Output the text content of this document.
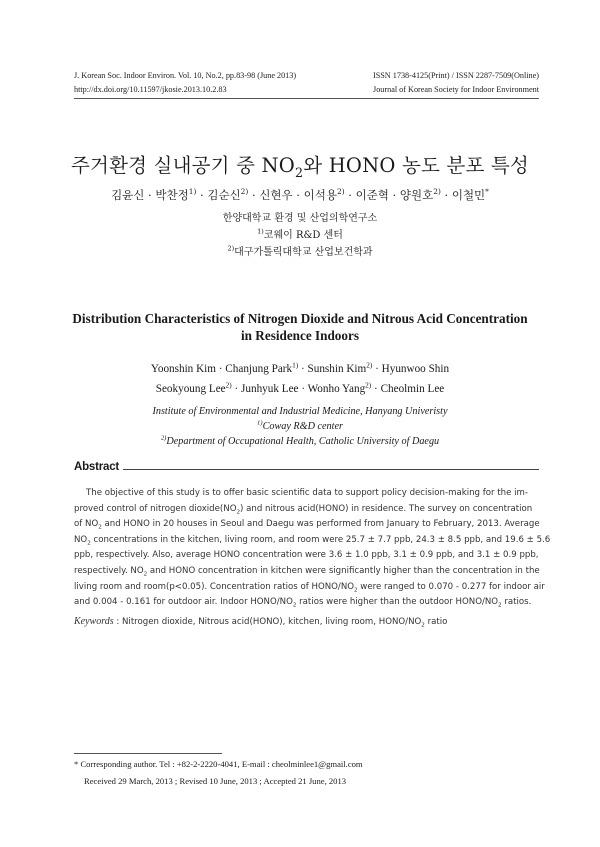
J. Korean Soc. Indoor Environ. Vol. 10, No.2, pp.83-98 (June 2013)	ISSN 1738-4125(Print) / ISSN 2287-7509(Online)
http://dx.doi.org/10.11597/jkosie.2013.10.2.83	Journal of Korean Society for Indoor Environment
주거환경 실내공기 중 $NO_2$와 HONO 농도 분포 특성
김윤신 · 박찬정$^{1)}$ · 김순신$^{2)}$ · 신현우 · 이석용$^{2)}$ · 이준혁 · 양원호$^{2)}$ · 이철민*
한양대학교 환경 및 산업의학연구소
$^{1)}$코웨이 R&D 센터
$^{2)}$대구가톨릭대학교 산업보건학과
Distribution Characteristics of Nitrogen Dioxide and Nitrous Acid Concentration
in Residence Indoors
Yoonshin Kim · Chanjung Park$^{1)}$ · Sunshin Kim$^{2)}$ · Hyunwoo Shin
Seokyoung Lee$^{2)}$ · Junhyuk Lee · Wonho Yang$^{2)}$ · Cheolmin Lee
Institute of Environmental and Industrial Medicine, Hanyang Univeristy
$^{1)}$Coway R&D center
$^{2)}$Department of Occupational Health, Catholic University of Daegu
Abstract
The objective of this study is to offer basic scientific data to support policy decision-making for the im-
proved control of nitrogen $dioxide(NO_2)$ and nitrous acid(HONO) in residence. The survey on concentration
of $NO_2$ and HONO in 20 houses in Seoul and Daegu was performed from January to February, 2013. Average
$NO_2$ concentrations in the kitchen, living room, and room were 25.7 ± 7.7 ppb, 24.3 ± 8.5 ppb, and 19.6 ± 5.6
ppb, respectively. Also, average HONO concentration were 3.6 ± 1.0 ppb, 3.1 ± 0.9 ppb, and 3.1 ± 0.9 ppb,
respectively. $NO_2$ and HONO concentration in kitchen were significantly higher than the concentration in the
living room and room(p<0.05). Concentration ratios of HONO/$NO_2$ were ranged to 0.070 - 0.277 for indoor air
and 0.004 - 0.161 for outdoor air. Indoor HONO/$NO_2$ ratios were higher than the outdoor HONO/$NO_2$ ratios.
Keywords : Nitrogen dioxide, Nitrous acid(HONO), kitchen, living room, HONO/$NO_2$ ratio
* Corresponding author. Tel : +82-2-2220-4041, E-mail : cheolminlee1@gmail.com
Received 29 March, 2013 ; Revised 10 June, 2013 ; Accepted 21 June, 2013
